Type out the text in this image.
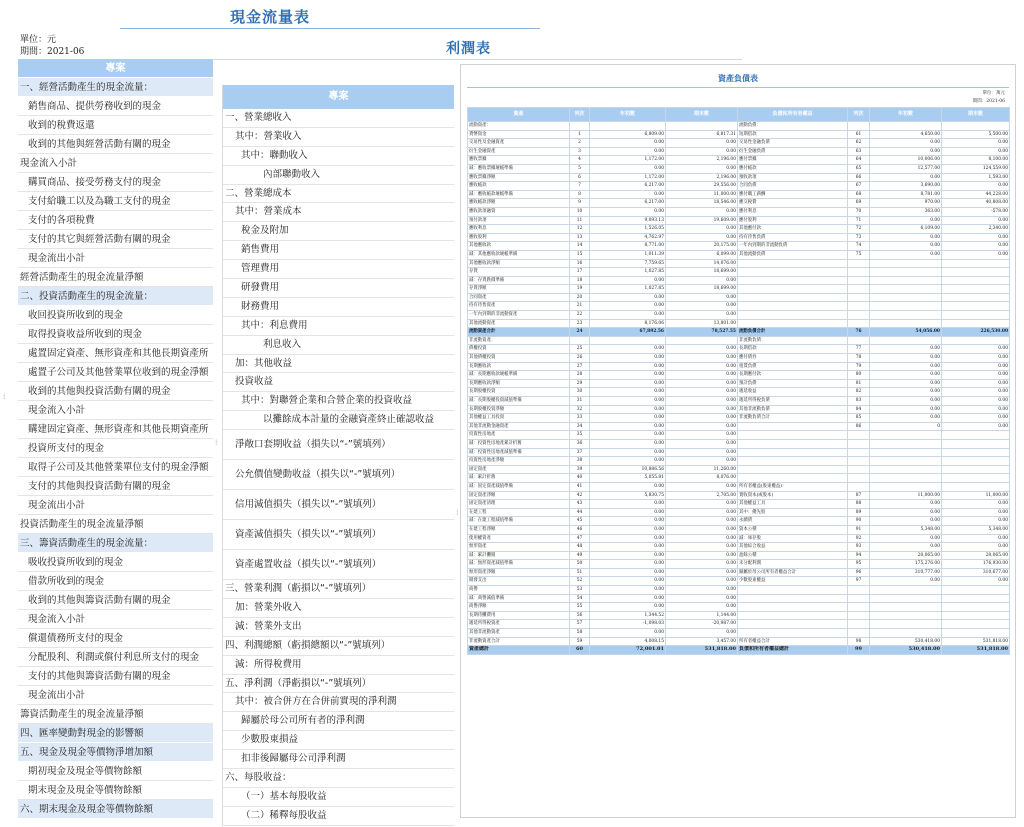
現金流量表
單位：元
期間：2021-06
專案
一、經營活動產生的現金流量：
銷售商品、提供勞務收到的現金
收到的稅費返還
收到的其他與經營活動有關的現金
現金流入小計
購買商品、接受勞務支付的現金
支付給職工以及為職工支付的現金
支付的各項稅費
支付的其它與經營活動有關的現金
現金流出小計
經營活動產生的現金流量淨額
二、投資活動產生的現金流量：
收回投資所收到的現金
取得投資收益所收到的現金
處置固定資產、無形資產和其他長期資產所
處置子公司及其他營業單位收到的現金淨額
收到的其他與投資活動有關的現金
現金流入小計
購建固定資產、無形資產和其他長期資產所
投資所支付的現金
取得子公司及其他營業單位支付的現金淨額
支付的其他與投資活動有關的現金
現金流出小計
投資活動產生的現金流量淨額
三、籌資活動產生的現金流量：
吸收投資所收到的現金
借款所收到的現金
收到的其他與籌資活動有關的現金
現金流入小計
償還債務所支付的現金
分配股利、利潤或償付利息所支付的現金
支付的其他與籌資活動有關的現金
現金流出小計
籌資活動產生的現金流量淨額
四、匯率變動對現金的影響額
五、現金及現金等價物淨增加額
期初現金及現金等價物餘額
期末現金及現金等價物餘額
六、期末現金及現金等價物餘額
⁞
⁞
⁞
利潤表
專案
一、營業總收入
其中：營業收入
其中：聯動收入
內部聯動收入
二、營業總成本
其中：營業成本
稅金及附加
銷售費用
管理費用
研發費用
財務費用
其中：利息費用
利息收入
加：其他收益
投資收益
其中：對聯營企業和合營企業的投資收益
以攤餘成本計量的金融資產終止確認收益
淨敞口套期收益（損失以“-”號填列）
公允價值變動收益（損失以“-”號填列）
信用減值損失（損失以“-”號填列）
資產減值損失（損失以“-”號填列）
資產處置收益（損失以“-”號填列）
三、營業利潤（虧損以“-”號填列）
加：營業外收入
減：營業外支出
四、利潤總額（虧損總額以“-”號填列）
減：所得稅費用
五、淨利潤（淨虧損以“-”號填列）
其中：被合併方在合併前實現的淨利潤
歸屬於母公司所有者的淨利潤
少數股東損益
扣非後歸屬母公司淨利潤
六、每股收益：
（一）基本每股收益
（二）稀釋每股收益
資產負債表
單位：萬元
期間：2021-06
資產	列次	年初數	期末數	負債和所有者權益	列次	年初數	期末數
流動資產：				流動負債：			
貨幣資金	1	6,809.00	6,817.31	短期借款	61	4,650.00	5,500.00
交易性及金融資產	2	0.00	0.00	交易性金融負債	62	0.00	0.00
衍生金融資產	3	0.00	0.00	衍生金融負債	63	0.00	0.00
應收票據	4	1,172.00	2,196.00	應付票據	64	10,006.00	8,100.00
減：應收票據壞帳準備	5	0.00	0.00	應付帳款	65	12,577.00	124,559.00
應收票據淨額	6	1,172.00	2,196.00	預收款項	66	0.00	1,593.00
應收帳款	7	6,217.00	29,556.00	合同負債	67	3,690.00	0.00
減：應收帳款壞帳準備	8	0.00	11,000.00	應付職工薪酬	68	8,781.00	44,228.00
應收帳款淨額	9	6,217.00	18,546.00	應交稅費	69	970.00	40,808.00
應收款項融資	10	0.00	0.00	應付利息	70	363.00	-578.00
預付款項	11	9,093.13	19,609.00	應付股利	71	0.00	0.00
應收利息	12	1,526.05	0.00	其他應付款	72	6,109.00	2,340.00
應收股利	13	4,762.97	0.00	持有待售負債	73	0.00	0.00
其他應收款	14	8,771.00	20,175.00	一年內到期的非流動負債	74	0.00	0.00
減：其他應收款壞帳準備	15	1,011.39	6,099.00	其他流動負債	75	0.00	0.00
其他應收款淨額	16	7,759.65	14,076.00				
存貨	17	1,027.85	18,699.00				
減：存貨跌價準備	18	0.00	0.00				
存貨淨額	19	1,027.85	18,699.00				
合同資產	20	0.00	0.00				
持有待售資產	21	0.00	0.00				
一年內到期的非流動資產	22	0.00	0.00				
其他流動資產	23	8,176.06	13,801.00				
流動資產合計	24	67,892.56	78,527.55	流動負債合計	76	54,056.00	226,530.00
非流動資產：				非流動負債：			
債權投資	25	0.00	0.00	長期借款	77	0.00	0.00
其他債權投資	26	0.00	0.00	應付債券	78	0.00	0.00
長期應收款	27	0.00	0.00	租賃負債	79	0.00	0.00
減：長期應收款壞帳準備	28	0.00	0.00	長期應付款	80	0.00	0.00
長期應收款淨額	29	0.00	0.00	預計負債	81	0.00	0.00
長期股權投資	30	0.00	0.00	遞延收益	82	0.00	0.00
減：長期股權投資減值準備	31	0.00	0.00	遞延所得稅負債	83	0.00	0.00
長期股權投資淨額	32	0.00	0.00	其他非流動負債	84	0.00	0.00
其他權益工具投資	33	0.00	0.00	非流動負債合計	85	0.00	0.00
其他非流動金融資產	34	0.00	0.00		86	0	0.00
投資性房地產	35	0.00	0.00				
減：投資性房地產累計折舊	36	0.00	0.00				
減：投資性房地產減值準備	37	0.00	0.00				
投資性房地產淨額	38	0.00	0.00				
固定資產	39	10,886.56	11,260.00				
減：累計折舊	40	5,055.81	8,076.00				
減：固定資產減值準備	41	0.00	0.00	所有者權益(股東權益)：			
固定資產淨額	42	5,830.75	2,705.00	實收資本(或股本)	87	11,000.00	11,000.00
固定資產清理	43	0.00	0.00	其他權益工具	88	0.00	0.00
在建工程	44	0.00	0.00	其中：優先股	89	0.00	0.00
減：在建工程減值準備	45	0.00	0.00	永續債	90	0.00	0.00
在建工程淨額	46	0.00	0.00	資本公積	91	5,348.00	5,348.00
使用權資產	47	0.00	0.00	減：庫存股	92	0.00	0.00
無形資產	48	0.00	0.00	其他綜合收益	93	0.00	0.00
減：累計攤銷	49	0.00	0.00	盈餘公積	94	28,065.00	28,065.00
減：無形資產減值準備	50	0.00	0.00	未分配利潤	95	175,276.00	176,930.00
無形資產淨額	51	0.00	0.00	歸屬於母公司所有者權益合計	96	310,777.00	310,677.00
開發支出	52	0.00	0.00	少數股東權益	97	0.00	0.00
商譽	53	0.00	0.00				
減：商譽減值準備	54	0.00	0.00				
商譽淨額	55	0.00	0.00				
長期待攤費用	56	1,344.52	1,144.00				
遞延所得稅資產	57	-1,098.03	-20,987.00				
其他非流動資產	58	0.00	0.00				
非流動資產合計	59	4,008.15	3,457.00	所有者權益合計	98	530,418.00	531,818.00
資產總計	60	72,001.01	531,818.00	負債和所有者權益總計	99	530,418.00	531,818.00
